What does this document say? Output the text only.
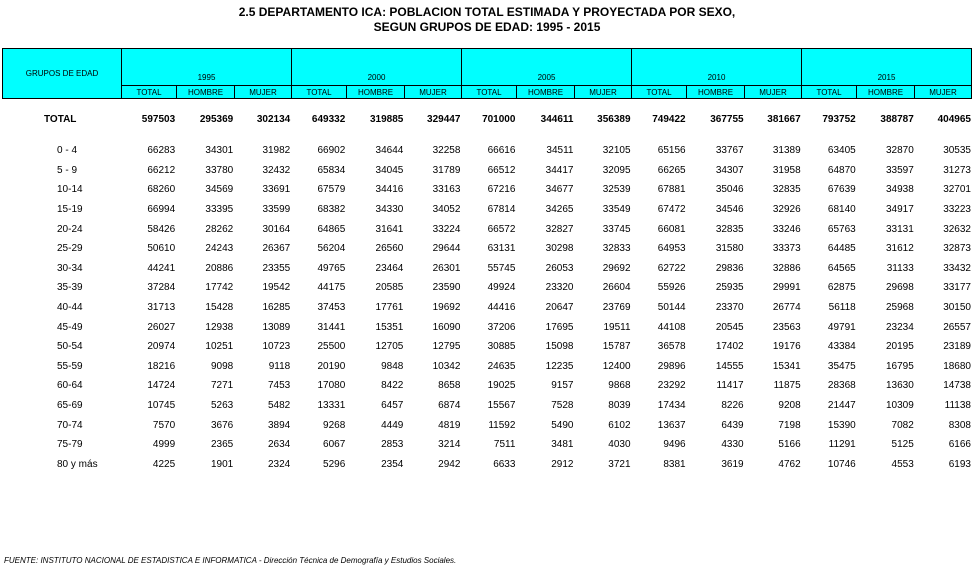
2.5 DEPARTAMENTO ICA: POBLACION TOTAL ESTIMADA Y PROYECTADA POR SEXO,
SEGUN GRUPOS DE EDAD: 1995 - 2015
GRUPOS DE EDAD	1995			2000			2005			2010			2015		
	TOTAL	HOMBRE	MUJER	TOTAL	HOMBRE	MUJER	TOTAL	HOMBRE	MUJER	TOTAL	HOMBRE	MUJER	TOTAL	HOMBRE	MUJER
TOTAL	597503	295369	302134	649332	319885	329447	701000	344611	356389	749422	367755	381667	793752	388787	404965

0 - 4	66283	34301	31982	66902	34644	32258	66616	34511	32105	65156	33767	31389	63405	32870	30535
5 - 9	66212	33780	32432	65834	34045	31789	66512	34417	32095	66265	34307	31958	64870	33597	31273
10-14	68260	34569	33691	67579	34416	33163	67216	34677	32539	67881	35046	32835	67639	34938	32701
15-19	66994	33395	33599	68382	34330	34052	67814	34265	33549	67472	34546	32926	68140	34917	33223
20-24	58426	28262	30164	64865	31641	33224	66572	32827	33745	66081	32835	33246	65763	33131	32632
25-29	50610	24243	26367	56204	26560	29644	63131	30298	32833	64953	31580	33373	64485	31612	32873
30-34	44241	20886	23355	49765	23464	26301	55745	26053	29692	62722	29836	32886	64565	31133	33432
35-39	37284	17742	19542	44175	20585	23590	49924	23320	26604	55926	25935	29991	62875	29698	33177
40-44	31713	15428	16285	37453	17761	19692	44416	20647	23769	50144	23370	26774	56118	25968	30150
45-49	26027	12938	13089	31441	15351	16090	37206	17695	19511	44108	20545	23563	49791	23234	26557
50-54	20974	10251	10723	25500	12705	12795	30885	15098	15787	36578	17402	19176	43384	20195	23189
55-59	18216	9098	9118	20190	9848	10342	24635	12235	12400	29896	14555	15341	35475	16795	18680
60-64	14724	7271	7453	17080	8422	8658	19025	9157	9868	23292	11417	11875	28368	13630	14738
65-69	10745	5263	5482	13331	6457	6874	15567	7528	8039	17434	8226	9208	21447	10309	11138
70-74	7570	3676	3894	9268	4449	4819	11592	5490	6102	13637	6439	7198	15390	7082	8308
75-79	4999	2365	2634	6067	2853	3214	7511	3481	4030	9496	4330	5166	11291	5125	6166
80 y más	4225	1901	2324	5296	2354	2942	6633	2912	3721	8381	3619	4762	10746	4553	6193
FUENTE: INSTITUTO NACIONAL DE ESTADISTICA E INFORMATICA - Dirección Técnica de Demografía y Estudios Sociales.
